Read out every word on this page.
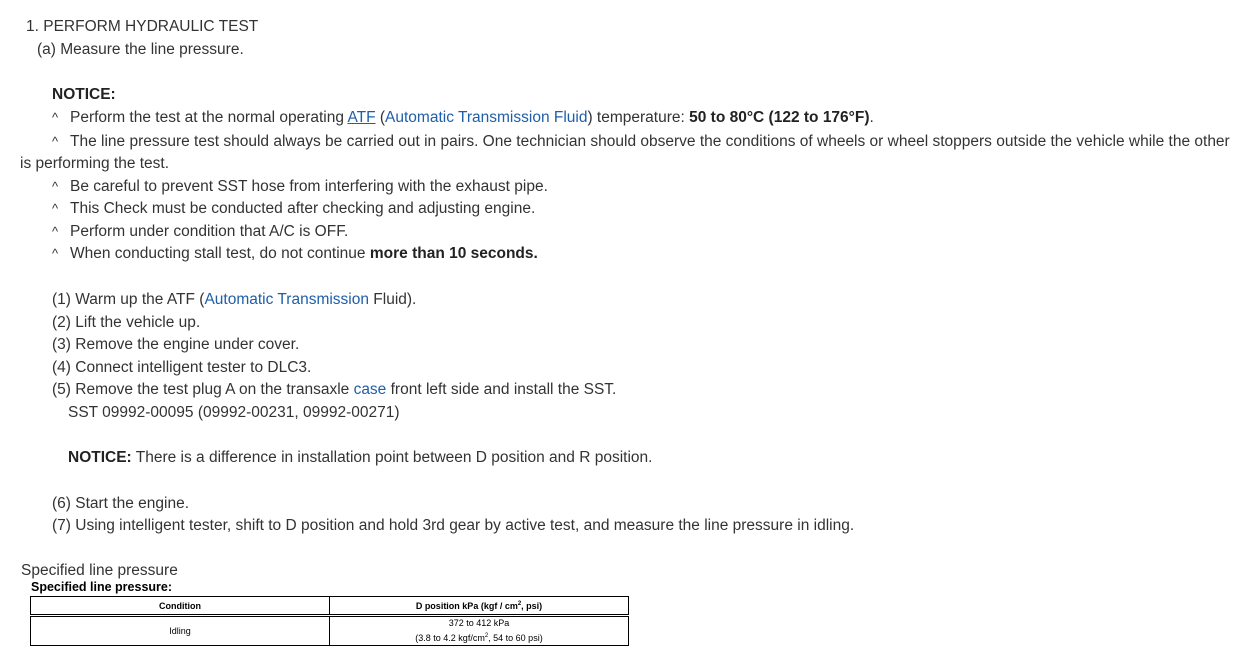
1. PERFORM HYDRAULIC TEST
(a) Measure the line pressure.
NOTICE:
^ Perform the test at the normal operating ATF (Automatic Transmission Fluid) temperature: 50 to 80°C (122 to 176°F).
^ The line pressure test should always be carried out in pairs. One technician should observe the conditions of wheels or wheel stoppers outside the vehicle while the other is performing the test.
^ Be careful to prevent SST hose from interfering with the exhaust pipe.
^ This Check must be conducted after checking and adjusting engine.
^ Perform under condition that A/C is OFF.
^ When conducting stall test, do not continue more than 10 seconds.
(1) Warm up the ATF (Automatic Transmission Fluid).
(2) Lift the vehicle up.
(3) Remove the engine under cover.
(4) Connect intelligent tester to DLC3.
(5) Remove the test plug A on the transaxle case front left side and install the SST.
SST 09992-00095 (09992-00231, 09992-00271)
NOTICE: There is a difference in installation point between D position and R position.
(6) Start the engine.
(7) Using intelligent tester, shift to D position and hold 3rd gear by active test, and measure the line pressure in idling.
Specified line pressure
Specified line pressure:
Condition	D position kPa ($kgf / cm^2$, psi)
Idling	372 to 412 kPa
(3.8 to 4.2 kgf/$cm^2$, 54 to 60 psi)
